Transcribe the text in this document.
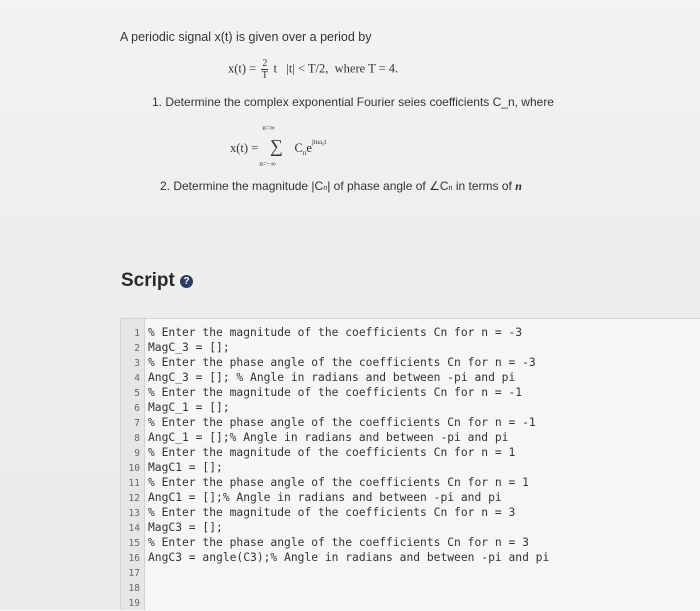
A periodic signal x(t) is given over a period by
$x(t) = \frac{2}{T}$ t |t| < T/2, where T = 4.
1. Determine the complex exponential Fourier seies coefficients C_n, where
x(t) =
n=∞
∑
n=−∞
$C_ne^{jn\omega_0t}$
2. Determine the magnitude |Cn| of phase angle of ∠Cn in terms of n
Script ?
1 % Enter the magnitude of the coefficients Cn for n = -3
2 MagC_3 = [];
3 % Enter the phase angle of the coefficients Cn for n = -3
4 AngC_3 = []; % Angle in radians and between -pi and pi
5 % Enter the magnitude of the coefficients Cn for n = -1
6 MagC_1 = [];
7 % Enter the phase angle of the coefficients Cn for n = -1
8 AngC_1 = [];% Angle in radians and between -pi and pi
9 % Enter the magnitude of the coefficients Cn for n = 1
10 MagC1 = [];
11 % Enter the phase angle of the coefficients Cn for n = 1
12 AngC1 = [];% Angle in radians and between -pi and pi
13 % Enter the magnitude of the coefficients Cn for n = 3
14 MagC3 = [];
15 % Enter the phase angle of the coefficients Cn for n = 3
16 AngC3 = angle(C3);% Angle in radians and between -pi and pi
17
18
19
